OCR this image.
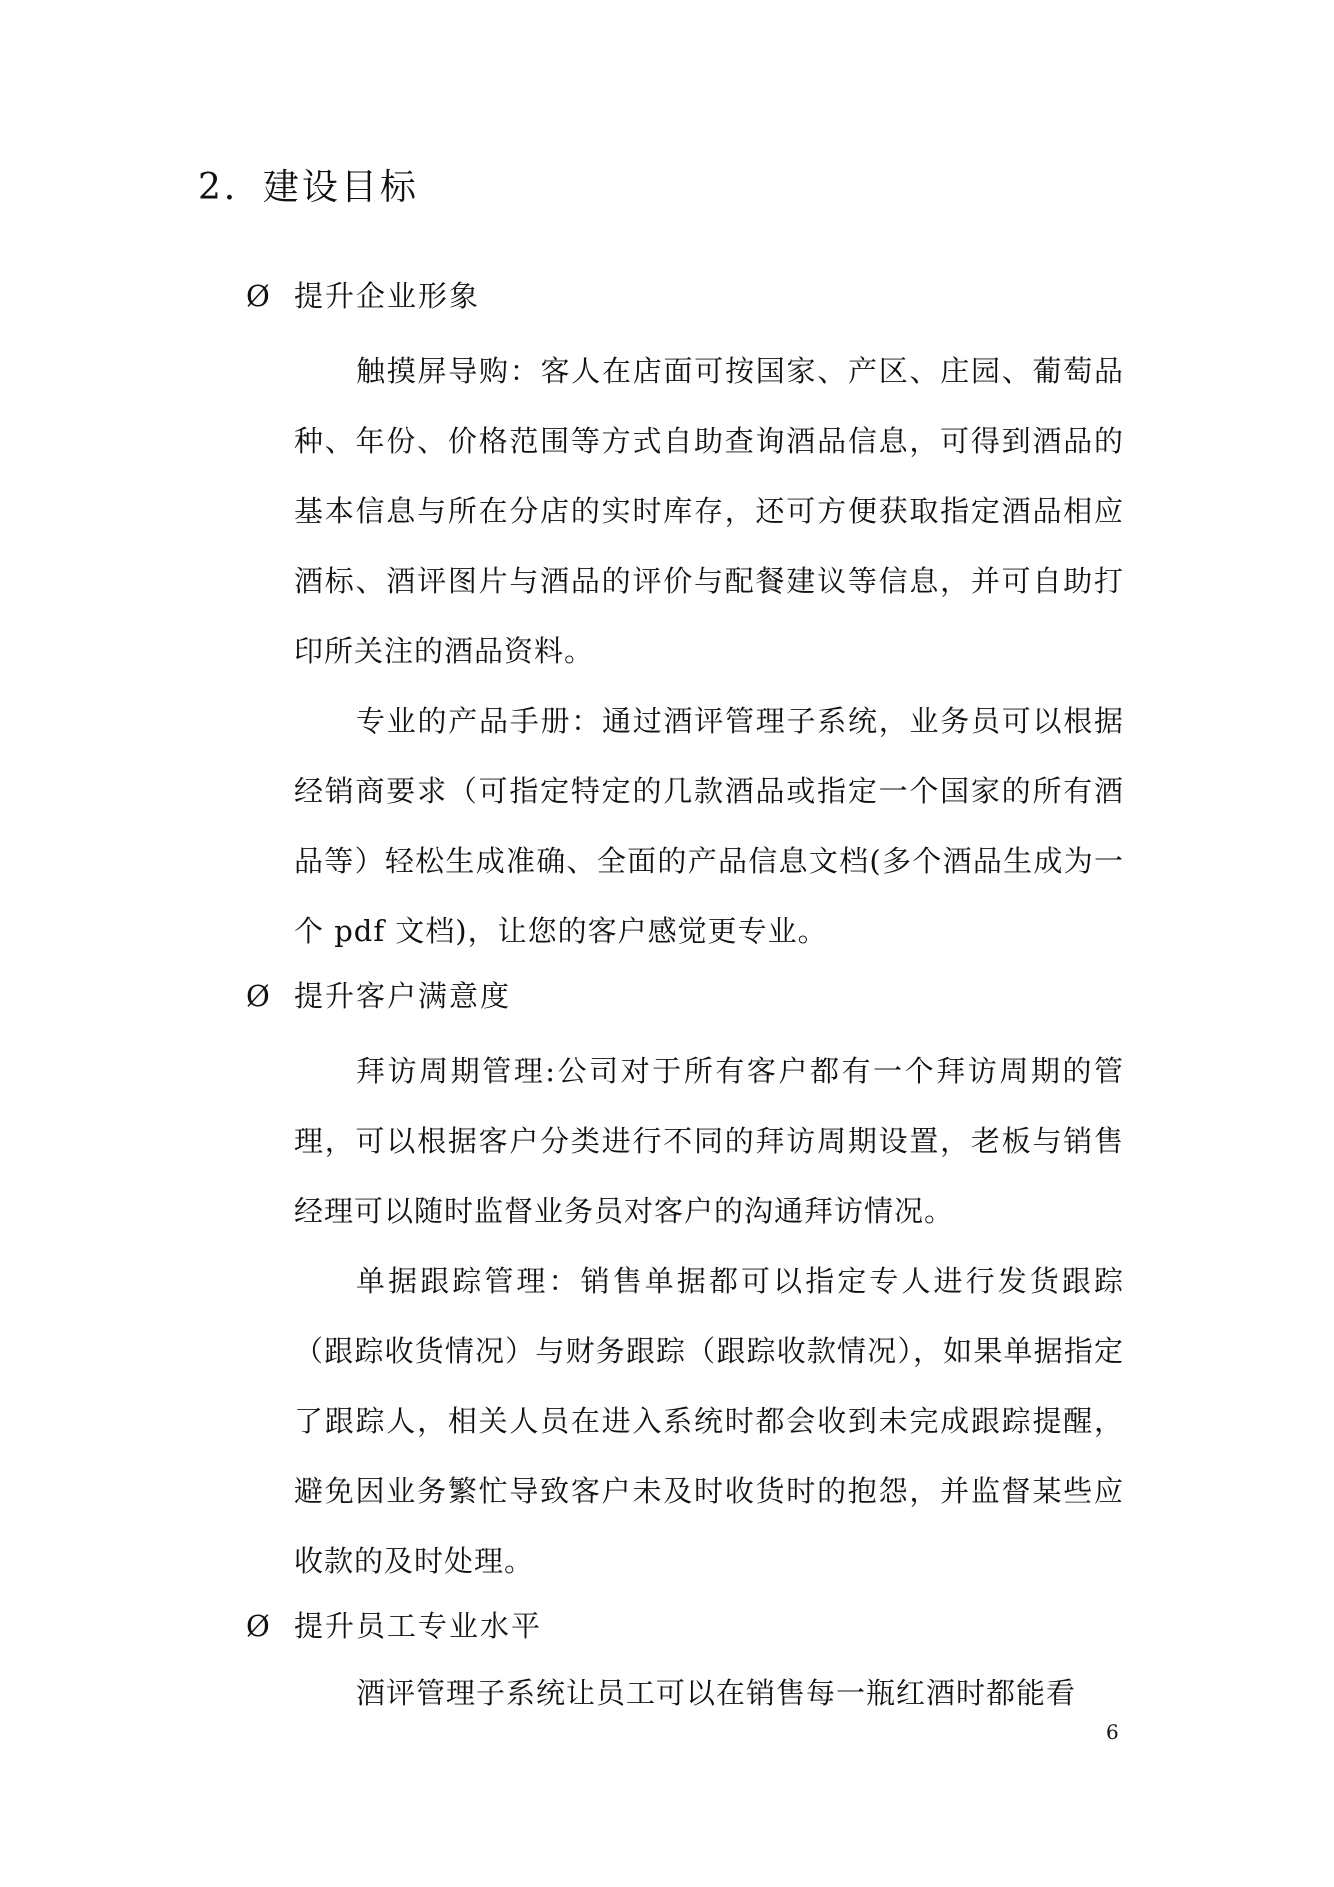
2．建设目标
Ø 提升企业形象

触摸屏导购：客人在店面可按国家、产区、庄园、葡萄品种、年份、价格范围等方式自助查询酒品信息，可得到酒品的基本信息与所在分店的实时库存，还可方便获取指定酒品相应酒标、酒评图片与酒品的评价与配餐建议等信息，并可自助打印所关注的酒品资料。

专业的产品手册：通过酒评管理子系统，业务员可以根据经销商要求（可指定特定的几款酒品或指定一个国家的所有酒品等）轻松生成准确、全面的产品信息文档(多个酒品生成为一个 pdf 文档)，让您的客户感觉更专业。

Ø 提升客户满意度

拜访周期管理:公司对于所有客户都有一个拜访周期的管理，可以根据客户分类进行不同的拜访周期设置，老板与销售经理可以随时监督业务员对客户的沟通拜访情况。

单据跟踪管理：销售单据都可以指定专人进行发货跟踪（跟踪收货情况）与财务跟踪（跟踪收款情况），如果单据指定了跟踪人，相关人员在进入系统时都会收到未完成跟踪提醒，避免因业务繁忙导致客户未及时收货时的抱怨，并监督某些应收款的及时处理。

Ø 提升员工专业水平

酒评管理子系统让员工可以在销售每一瓶红酒时都能看

6
